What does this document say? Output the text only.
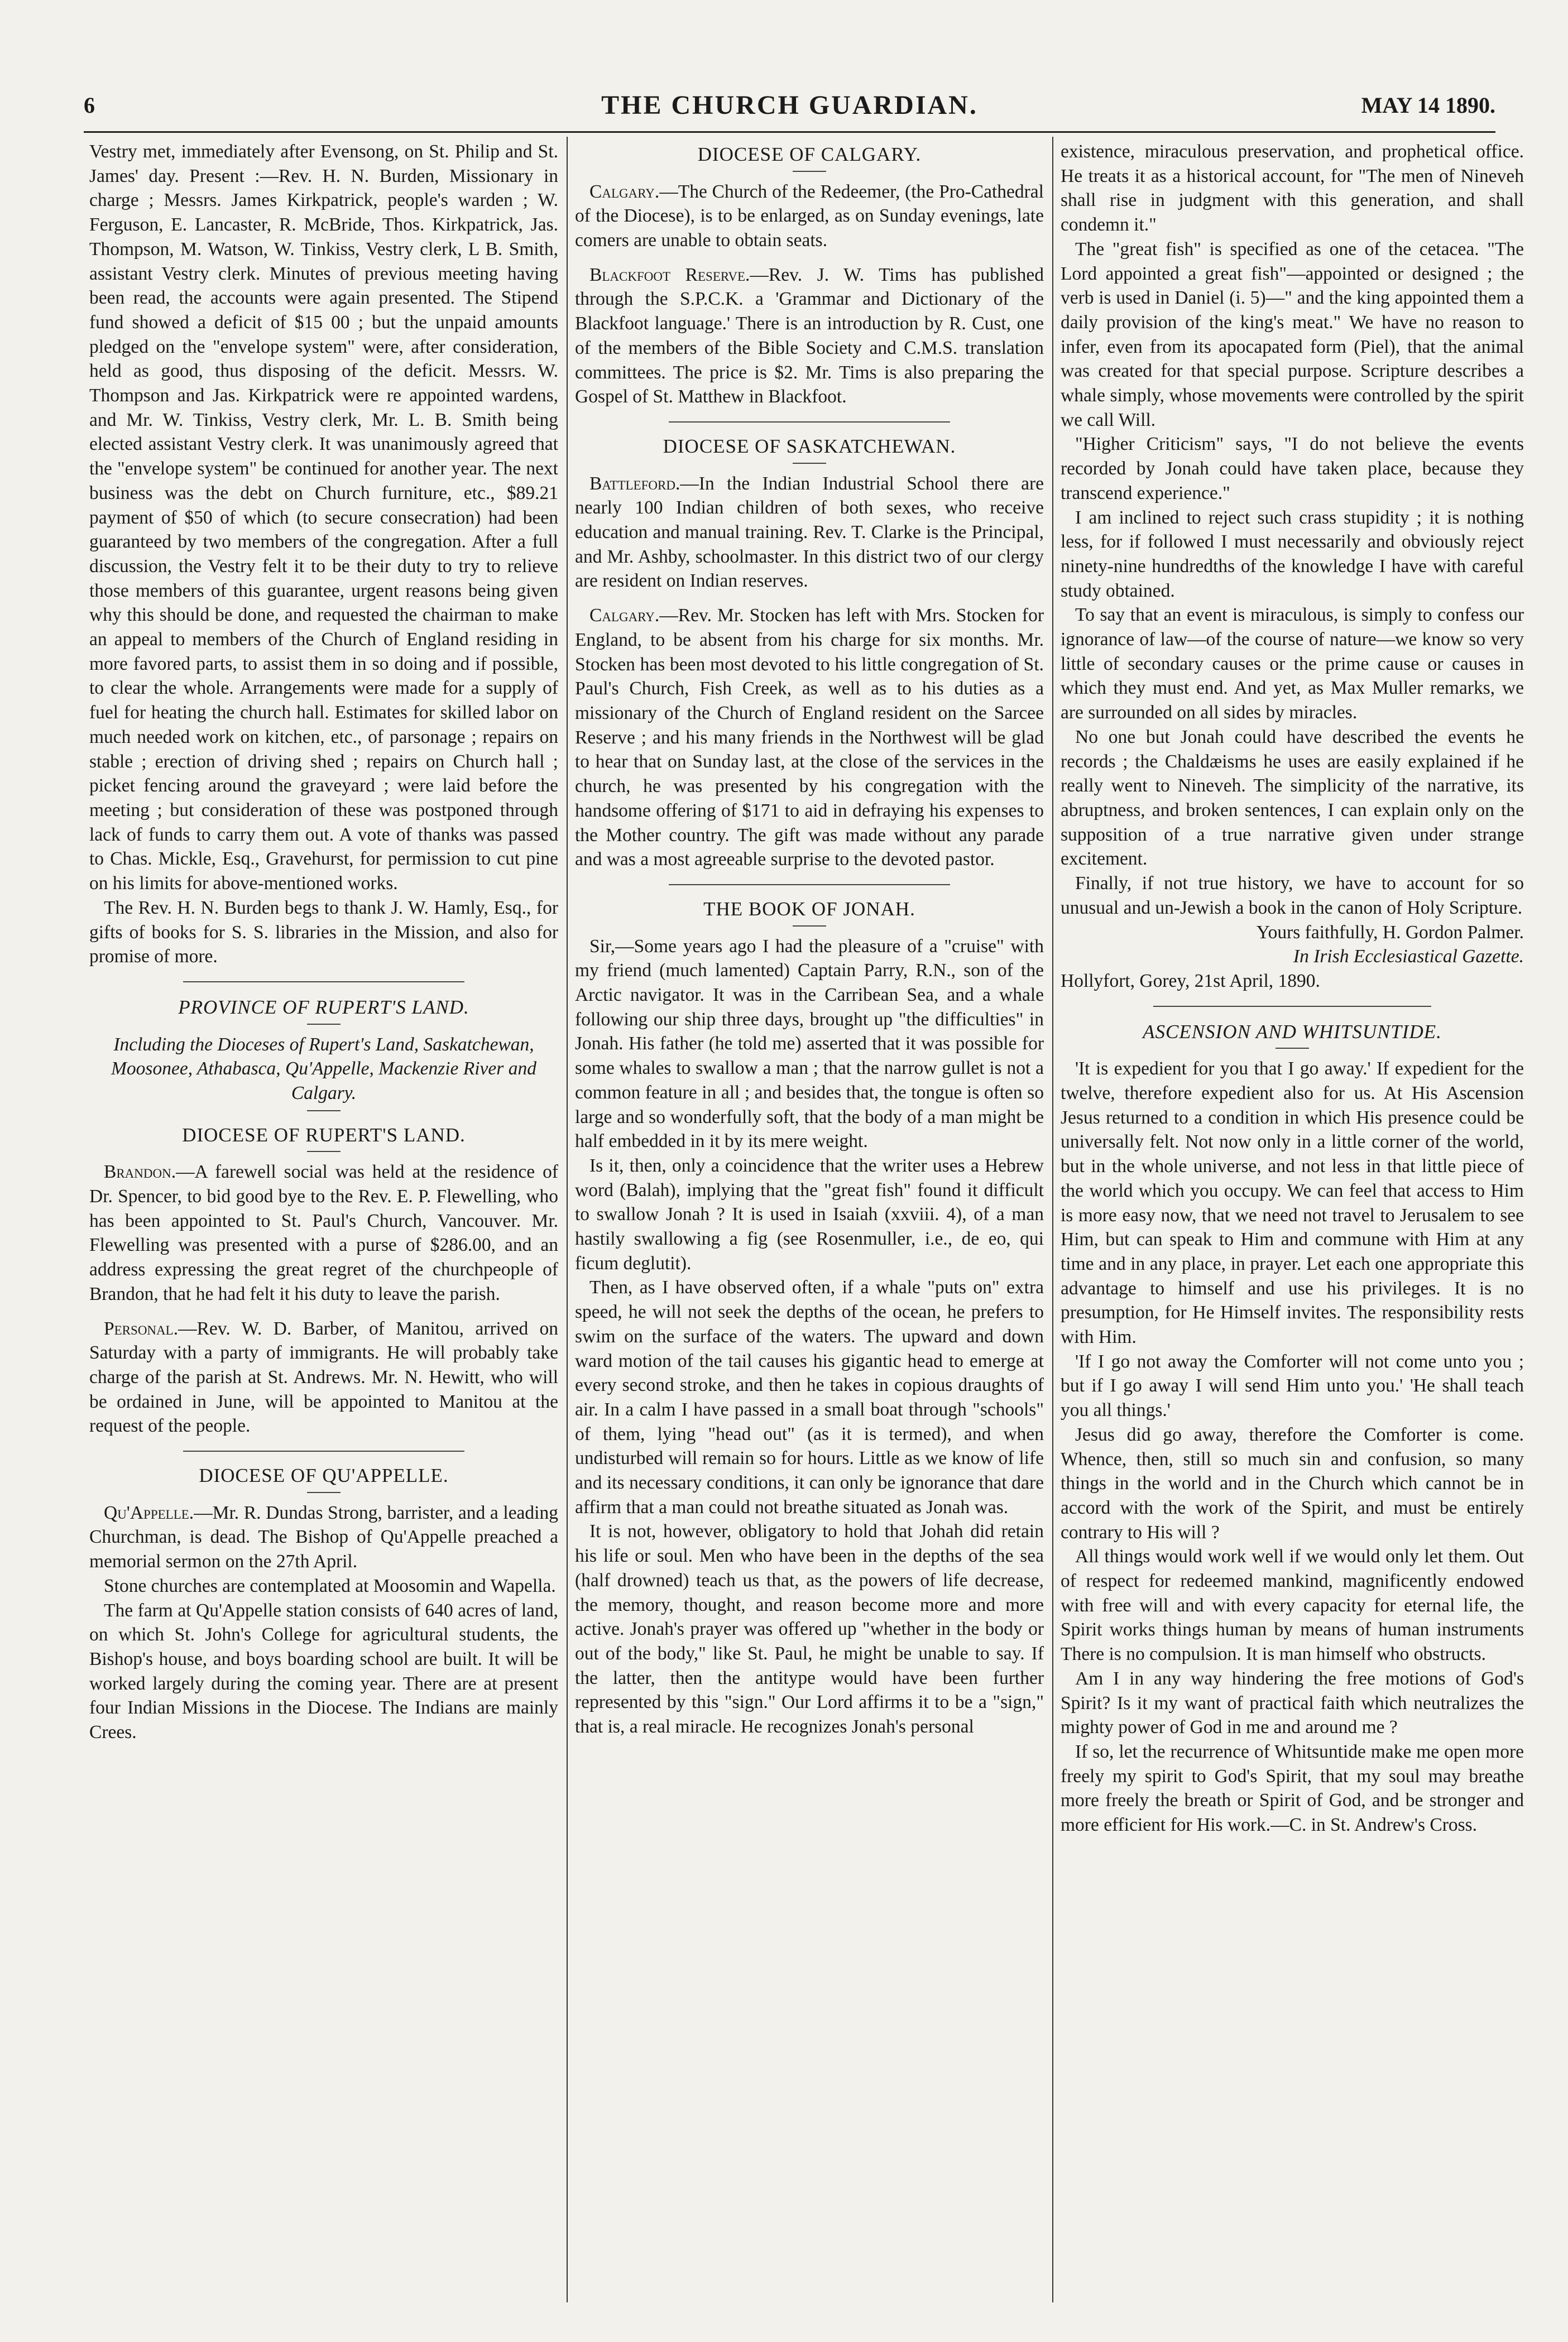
6	THE CHURCH GUARDIAN.	MAY 14 1890.

Vestry met, immediately after Evensong, on St. Philip and St. James' day. Present :—Rev. H. N. Burden, Missionary in charge ; Messrs. James Kirkpatrick, people's warden ; W. Ferguson, E. Lancaster, R. McBride, Thos. Kirkpatrick, Jas. Thompson, M. Watson, W. Tinkiss, Vestry clerk, L B. Smith, assistant Vestry clerk. Minutes of previous meeting having been read, the accounts were again presented. The Stipend fund showed a deficit of $15 00 ; but the unpaid amounts pledged on the "envelope system" were, after consideration, held as good, thus disposing of the deficit. Messrs. W. Thompson and Jas. Kirkpatrick were re appointed wardens, and Mr. W. Tinkiss, Vestry clerk, Mr. L. B. Smith being elected assistant Vestry clerk. It was unanimously agreed that the "envelope system" be continued for another year. The next business was the debt on Church furniture, etc., $89.21 payment of $50 of which (to secure consecration) had been guaranteed by two members of the congregation. After a full discussion, the Vestry felt it to be their duty to try to relieve those members of this guarantee, urgent reasons being given why this should be done, and requested the chairman to make an appeal to members of the Church of England residing in more favored parts, to assist them in so doing and if possible, to clear the whole. Arrangements were made for a supply of fuel for heating the church hall. Estimates for skilled labor on much needed work on kitchen, etc., of parsonage ; repairs on stable ; erection of driving shed ; repairs on Church hall ; picket fencing around the graveyard ; were laid before the meeting ; but consideration of these was postponed through lack of funds to carry them out. A vote of thanks was passed to Chas. Mickle, Esq., Gravehurst, for permission to cut pine on his limits for above-mentioned works.

The Rev. H. N. Burden begs to thank J. W. Hamly, Esq., for gifts of books for S. S. libraries in the Mission, and also for promise of more.

PROVINCE OF RUPERT'S LAND.

Including the Dioceses of Rupert's Land, Saskatchewan, Moosonee, Athabasca, Qu'Appelle, Mackenzie River and Calgary.

DIOCESE OF RUPERT'S LAND.

Brandon.—A farewell social was held at the residence of Dr. Spencer, to bid good bye to the Rev. E. P. Flewelling, who has been appointed to St. Paul's Church, Vancouver. Mr. Flewelling was presented with a purse of $286.00, and an address expressing the great regret of the churchpeople of Brandon, that he had felt it his duty to leave the parish.

Personal.—Rev. W. D. Barber, of Manitou, arrived on Saturday with a party of immigrants. He will probably take charge of the parish at St. Andrews. Mr. N. Hewitt, who will be ordained in June, will be appointed to Manitou at the request of the people.

DIOCESE OF QU'APPELLE.

Qu'Appelle.—Mr. R. Dundas Strong, barrister, and a leading Churchman, is dead. The Bishop of Qu'Appelle preached a memorial sermon on the 27th April.

Stone churches are contemplated at Moosomin and Wapella.

The farm at Qu'Appelle station consists of 640 acres of land, on which St. John's College for agricultural students, the Bishop's house, and boys boarding school are built. It will be worked largely during the coming year. There are at present four Indian Missions in the Diocese. The Indians are mainly Crees.

DIOCESE OF CALGARY.

Calgary.—The Church of the Redeemer, (the Pro-Cathedral of the Diocese), is to be enlarged, as on Sunday evenings, late comers are unable to obtain seats.

Blackfoot Reserve.—Rev. J. W. Tims has published through the S.P.C.K. a 'Grammar and Dictionary of the Blackfoot language.' There is an introduction by R. Cust, one of the members of the Bible Society and C.M.S. translation committees. The price is $2. Mr. Tims is also preparing the Gospel of St. Matthew in Blackfoot.

DIOCESE OF SASKATCHEWAN.

Battleford.—In the Indian Industrial School there are nearly 100 Indian children of both sexes, who receive education and manual training. Rev. T. Clarke is the Principal, and Mr. Ashby, schoolmaster. In this district two of our clergy are resident on Indian reserves.

Calgary.—Rev. Mr. Stocken has left with Mrs. Stocken for England, to be absent from his charge for six months. Mr. Stocken has been most devoted to his little congregation of St. Paul's Church, Fish Creek, as well as to his duties as a missionary of the Church of England resident on the Sarcee Reserve ; and his many friends in the Northwest will be glad to hear that on Sunday last, at the close of the services in the church, he was presented by his congregation with the handsome offering of $171 to aid in defraying his expenses to the Mother country. The gift was made without any parade and was a most agreeable surprise to the devoted pastor.

THE BOOK OF JONAH.

Sir,—Some years ago I had the pleasure of a "cruise" with my friend (much lamented) Captain Parry, R.N., son of the Arctic navigator. It was in the Carribean Sea, and a whale following our ship three days, brought up "the difficulties" in Jonah. His father (he told me) asserted that it was possible for some whales to swallow a man ; that the narrow gullet is not a common feature in all ; and besides that, the tongue is often so large and so wonderfully soft, that the body of a man might be half embedded in it by its mere weight.

Is it, then, only a coincidence that the writer uses a Hebrew word (Balah), implying that the "great fish" found it difficult to swallow Jonah ? It is used in Isaiah (xxviii. 4), of a man hastily swallowing a fig (see Rosenmuller, i.e., de eo, qui ficum deglutit).

Then, as I have observed often, if a whale "puts on" extra speed, he will not seek the depths of the ocean, he prefers to swim on the surface of the waters. The upward and down ward motion of the tail causes his gigantic head to emerge at every second stroke, and then he takes in copious draughts of air. In a calm I have passed in a small boat through "schools" of them, lying "head out" (as it is termed), and when undisturbed will remain so for hours. Little as we know of life and its necessary conditions, it can only be ignorance that dare affirm that a man could not breathe situated as Jonah was.

It is not, however, obligatory to hold that Johah did retain his life or soul. Men who have been in the depths of the sea (half drowned) teach us that, as the powers of life decrease, the memory, thought, and reason become more and more active. Jonah's prayer was offered up "whether in the body or out of the body," like St. Paul, he might be unable to say. If the latter, then the antitype would have been further represented by this "sign." Our Lord affirms it to be a "sign," that is, a real miracle. He recognizes Jonah's personal

existence, miraculous preservation, and prophetical office. He treats it as a historical account, for "The men of Nineveh shall rise in judgment with this generation, and shall condemn it."

The "great fish" is specified as one of the cetacea. "The Lord appointed a great fish"—appointed or designed ; the verb is used in Daniel (i. 5)—" and the king appointed them a daily provision of the king's meat." We have no reason to infer, even from its apocapated form (Piel), that the animal was created for that special purpose. Scripture describes a whale simply, whose movements were controlled by the spirit we call Will.

"Higher Criticism" says, "I do not believe the events recorded by Jonah could have taken place, because they transcend experience."

I am inclined to reject such crass stupidity ; it is nothing less, for if followed I must necessarily and obviously reject ninety-nine hundredths of the knowledge I have with careful study obtained.

To say that an event is miraculous, is simply to confess our ignorance of law—of the course of nature—we know so very little of secondary causes or the prime cause or causes in which they must end. And yet, as Max Muller remarks, we are surrounded on all sides by miracles.

No one but Jonah could have described the events he records ; the Chaldæisms he uses are easily explained if he really went to Nineveh. The simplicity of the narrative, its abruptness, and broken sentences, I can explain only on the supposition of a true narrative given under strange excitement.

Finally, if not true history, we have to account for so unusual and un-Jewish a book in the canon of Holy Scripture.

Yours faithfully, H. Gordon Palmer.

In Irish Ecclesiastical Gazette.

Hollyfort, Gorey, 21st April, 1890.

ASCENSION AND WHITSUNTIDE.

'It is expedient for you that I go away.' If expedient for the twelve, therefore expedient also for us. At His Ascension Jesus returned to a condition in which His presence could be universally felt. Not now only in a little corner of the world, but in the whole universe, and not less in that little piece of the world which you occupy. We can feel that access to Him is more easy now, that we need not travel to Jerusalem to see Him, but can speak to Him and commune with Him at any time and in any place, in prayer. Let each one appropriate this advantage to himself and use his privileges. It is no presumption, for He Himself invites. The responsibility rests with Him.

'If I go not away the Comforter will not come unto you ; but if I go away I will send Him unto you.' 'He shall teach you all things.'

Jesus did go away, therefore the Comforter is come. Whence, then, still so much sin and confusion, so many things in the world and in the Church which cannot be in accord with the work of the Spirit, and must be entirely contrary to His will ?

All things would work well if we would only let them. Out of respect for redeemed mankind, magnificently endowed with free will and with every capacity for eternal life, the Spirit works things human by means of human instruments There is no compulsion. It is man himself who obstructs.

Am I in any way hindering the free motions of God's Spirit? Is it my want of practical faith which neutralizes the mighty power of God in me and around me ?

If so, let the recurrence of Whitsuntide make me open more freely my spirit to God's Spirit, that my soul may breathe more freely the breath or Spirit of God, and be stronger and more efficient for His work.—C. in St. Andrew's Cross.
